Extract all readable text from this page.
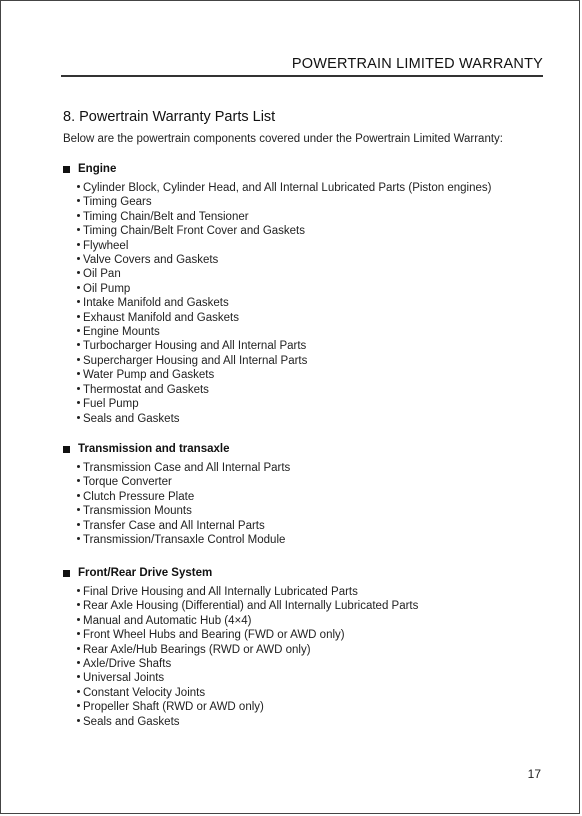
POWERTRAIN LIMITED WARRANTY
8. Powertrain Warranty Parts List
Below are the powertrain components covered under the Powertrain Limited Warranty:
Engine
Cylinder Block, Cylinder Head, and All Internal Lubricated Parts (Piston engines)
Timing Gears
Timing Chain/Belt and Tensioner
Timing Chain/Belt Front Cover and Gaskets
Flywheel
Valve Covers and Gaskets
Oil Pan
Oil Pump
Intake Manifold and Gaskets
Exhaust Manifold and Gaskets
Engine Mounts
Turbocharger Housing and All Internal Parts
Supercharger Housing and All Internal Parts
Water Pump and Gaskets
Thermostat and Gaskets
Fuel Pump
Seals and Gaskets
Transmission and transaxle
Transmission Case and All Internal Parts
Torque Converter
Clutch Pressure Plate
Transmission Mounts
Transfer Case and All Internal Parts
Transmission/Transaxle Control Module
Front/Rear Drive System
Final Drive Housing and All Internally Lubricated Parts
Rear Axle Housing (Differential) and All Internally Lubricated Parts
Manual and Automatic Hub (4×4)
Front Wheel Hubs and Bearing (FWD or AWD only)
Rear Axle/Hub Bearings (RWD or AWD only)
Axle/Drive Shafts
Universal Joints
Constant Velocity Joints
Propeller Shaft (RWD or AWD only)
Seals and Gaskets
17
